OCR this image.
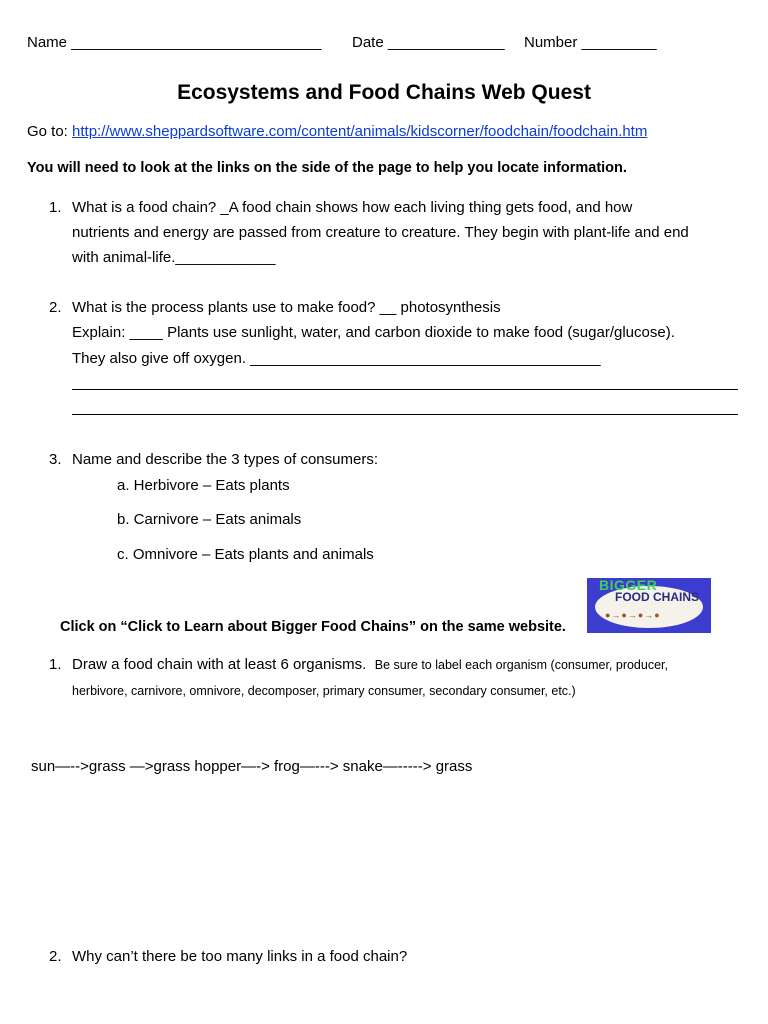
Name ______________________________ Date ______________ Number _________
Ecosystems and Food Chains Web Quest
Go to: http://www.sheppardsoftware.com/content/animals/kidscorner/foodchain/foodchain.htm
You will need to look at the links on the side of the page to help you locate information.
1. What is a food chain? _A food chain shows how each living thing gets food, and how
nutrients and energy are passed from creature to creature. They begin with plant-life and end
with animal-life.____________
2. What is the process plants use to make food? __ photosynthesis
Explain: ____ Plants use sunlight, water, and carbon dioxide to make food (sugar/glucose).
They also give off oxygen. __________________________________________
3. Name and describe the 3 types of consumers:
a. Herbivore – Eats plants
b. Carnivore – Eats animals
c. Omnivore – Eats plants and animals
Click on “Click to Learn about Bigger Food Chains” on the same website.
BIGGER
FOOD CHAINS
●→●→●→●
1. Draw a food chain with at least 6 organisms. Be sure to label each organism (consumer, producer,
herbivore, carnivore, omnivore, decomposer, primary consumer, secondary consumer, etc.)
sun—-->grass —>grass hopper—-> frog—---> snake—-----> grass
2. Why can’t there be too many links in a food chain?
